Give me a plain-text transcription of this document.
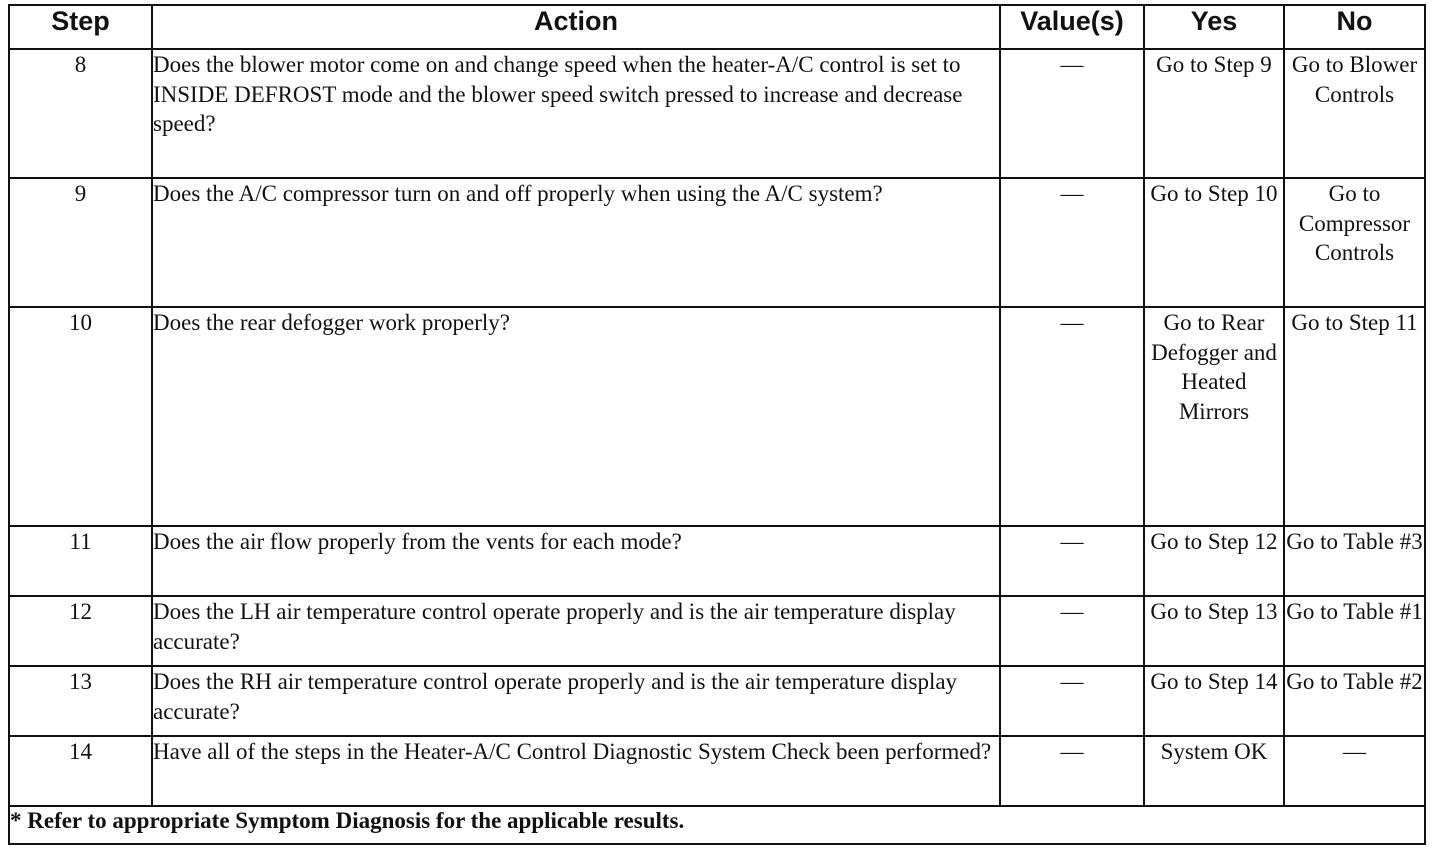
Step	Action	Value(s)	Yes	No
8	Does the blower motor come on and change speed when the heater-A/C control is set to INSIDE DEFROST mode and the blower speed switch pressed to increase and decrease speed?	—	Go to Step 9	Go to Blower Controls
9	Does the A/C compressor turn on and off properly when using the A/C system?	—	Go to Step 10	Go to Compressor Controls
10	Does the rear defogger work properly?	—	Go to Rear Defogger and Heated Mirrors	Go to Step 11
11	Does the air flow properly from the vents for each mode?	—	Go to Step 12	Go to Table #3
12	Does the LH air temperature control operate properly and is the air temperature display accurate?	—	Go to Step 13	Go to Table #1
13	Does the RH air temperature control operate properly and is the air temperature display accurate?	—	Go to Step 14	Go to Table #2
14	Have all of the steps in the Heater-A/C Control Diagnostic System Check been performed?	—	System OK	—
* Refer to appropriate Symptom Diagnosis for the applicable results.				
